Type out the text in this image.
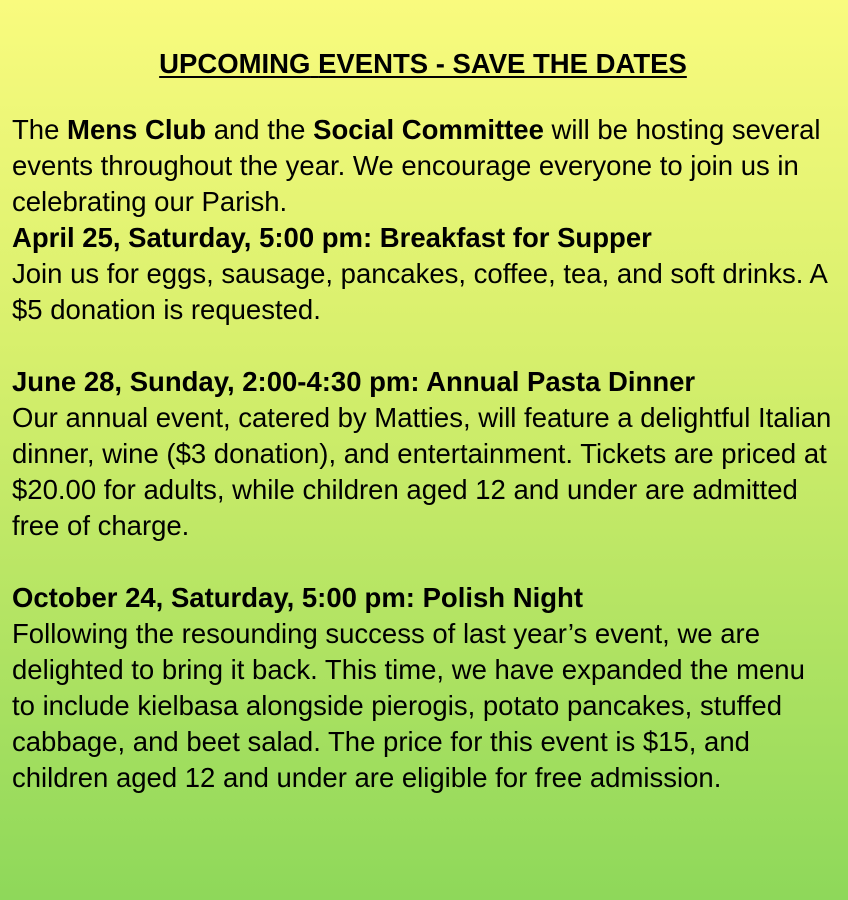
UPCOMING EVENTS - SAVE THE DATES

The Mens Club and the Social Committee will be hosting several events throughout the year. We encourage everyone to join us in celebrating our Parish.

April 25, Saturday, 5:00 pm: Breakfast for Supper
Join us for eggs, sausage, pancakes, coffee, tea, and soft drinks. A $5 donation is requested.

June 28, Sunday, 2:00-4:30 pm: Annual Pasta Dinner
Our annual event, catered by Matties, will feature a delightful Italian dinner, wine ($3 donation), and entertainment. Tickets are priced at $20.00 for adults, while children aged 12 and under are admitted free of charge.

October 24, Saturday, 5:00 pm: Polish Night
Following the resounding success of last year’s event, we are delighted to bring it back. This time, we have expanded the menu to include kielbasa alongside pierogis, potato pancakes, stuffed cabbage, and beet salad. The price for this event is $15, and children aged 12 and under are eligible for free admission.
